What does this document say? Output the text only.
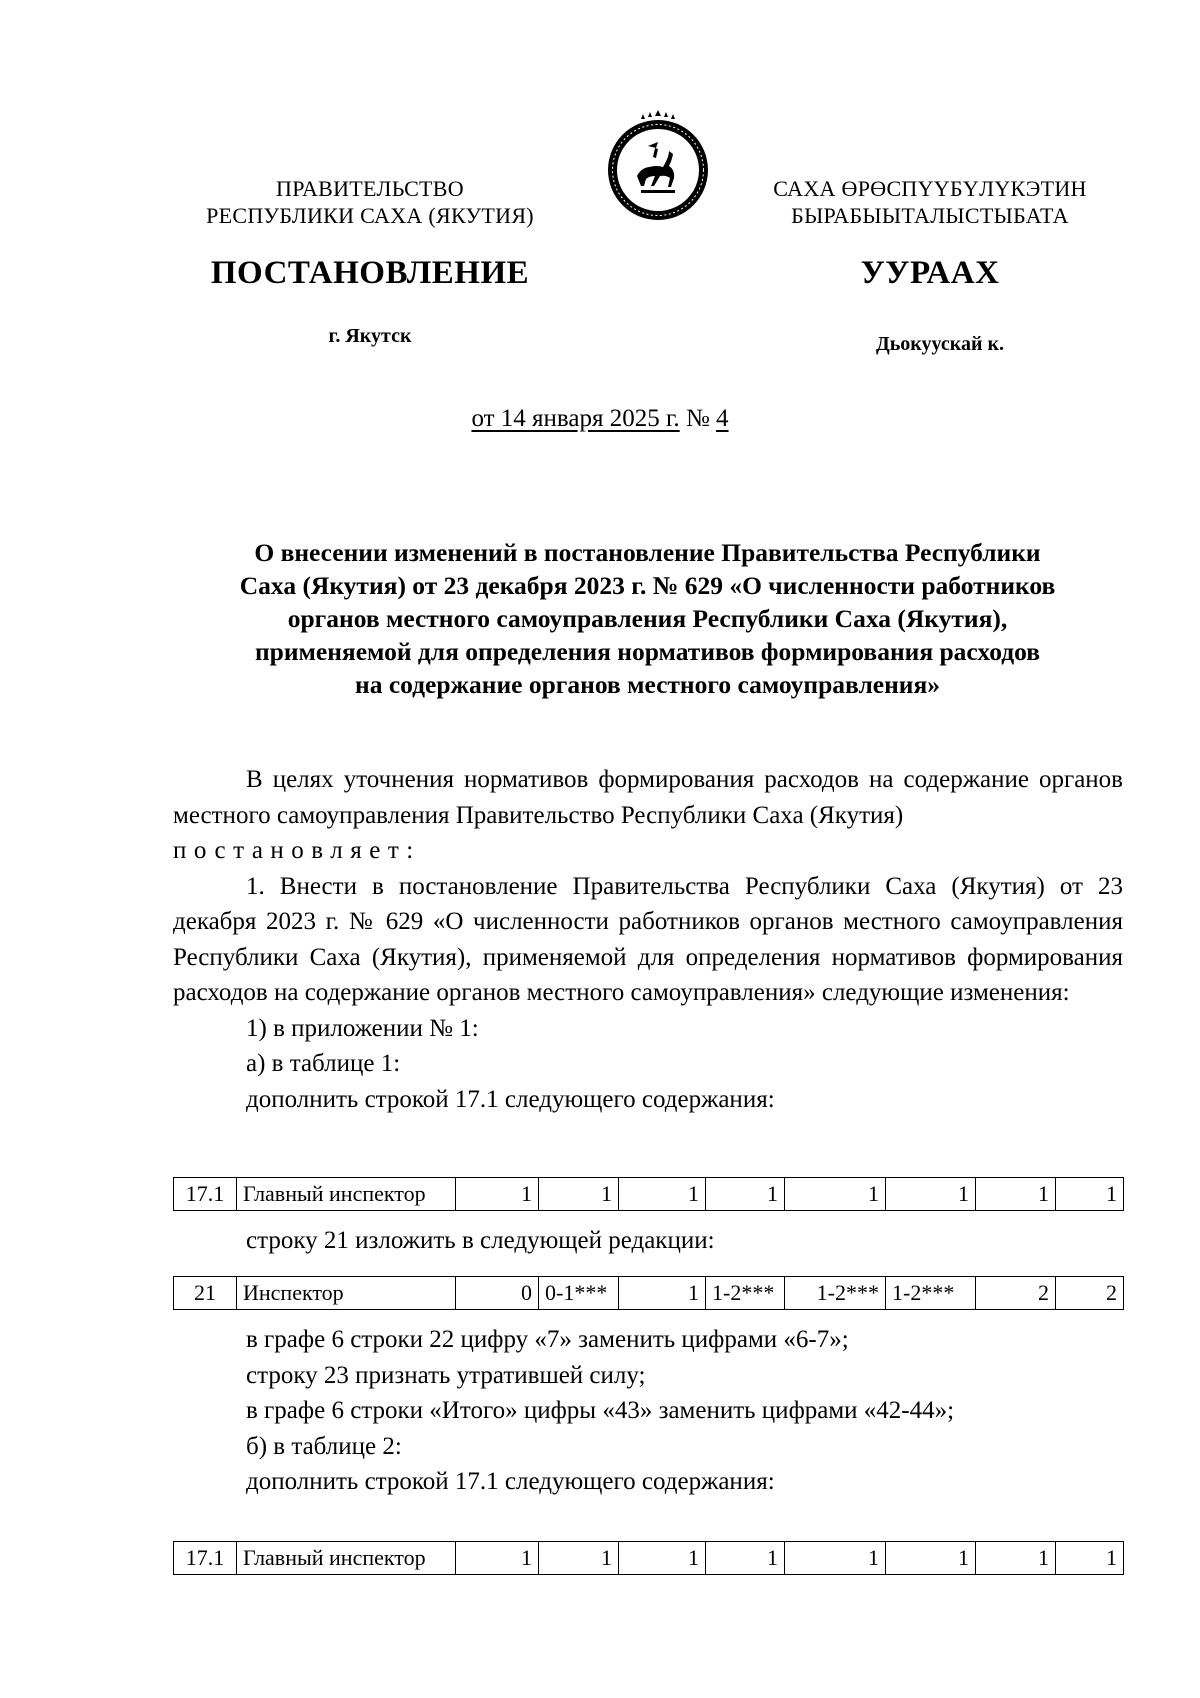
ПРАВИТЕЛЬСТВО
РЕСПУБЛИКИ САХА (ЯКУТИЯ)
САХА ӨРӨСПҮҮБҮЛҮКЭТИН
БЫРАБЫЫТАЛЫСТЫБАТА
ПОСТАНОВЛЕНИЕ	УУРААХ
г. Якутск	Дьокуускай к.
от 14 января 2025 г. № 4
О внесении изменений в постановление Правительства Республики
Саха (Якутия) от 23 декабря 2023 г. № 629 «О численности работников
органов местного самоуправления Республики Саха (Якутия),
применяемой для определения нормативов формирования расходов
на содержание органов местного самоуправления»

В целях уточнения нормативов формирования расходов на содержание органов местного самоуправления Правительство Республики Саха (Якутия)

постановляет:

1. Внести в постановление Правительства Республики Саха (Якутия) от 23 декабря 2023 г. № 629 «О численности работников органов местного самоуправления Республики Саха (Якутия), применяемой для определения нормативов формирования расходов на содержание органов местного самоуправления» следующие изменения:

1) в приложении № 1:

а) в таблице 1:

дополнить строкой 17.1 следующего содержания:

17.1	Главный инспектор	1	1	1	1	1	1	1	1

строку 21 изложить в следующей редакции:

21	Инспектор	0	0-1***	1	1-2***	1-2***	1-2***	2	2

в графе 6 строки 22 цифру «7» заменить цифрами «6-7»;

строку 23 признать утратившей силу;

в графе 6 строки «Итого» цифры «43» заменить цифрами «42-44»;

б) в таблице 2:

дополнить строкой 17.1 следующего содержания:

17.1	Главный инспектор	1	1	1	1	1	1	1	1
